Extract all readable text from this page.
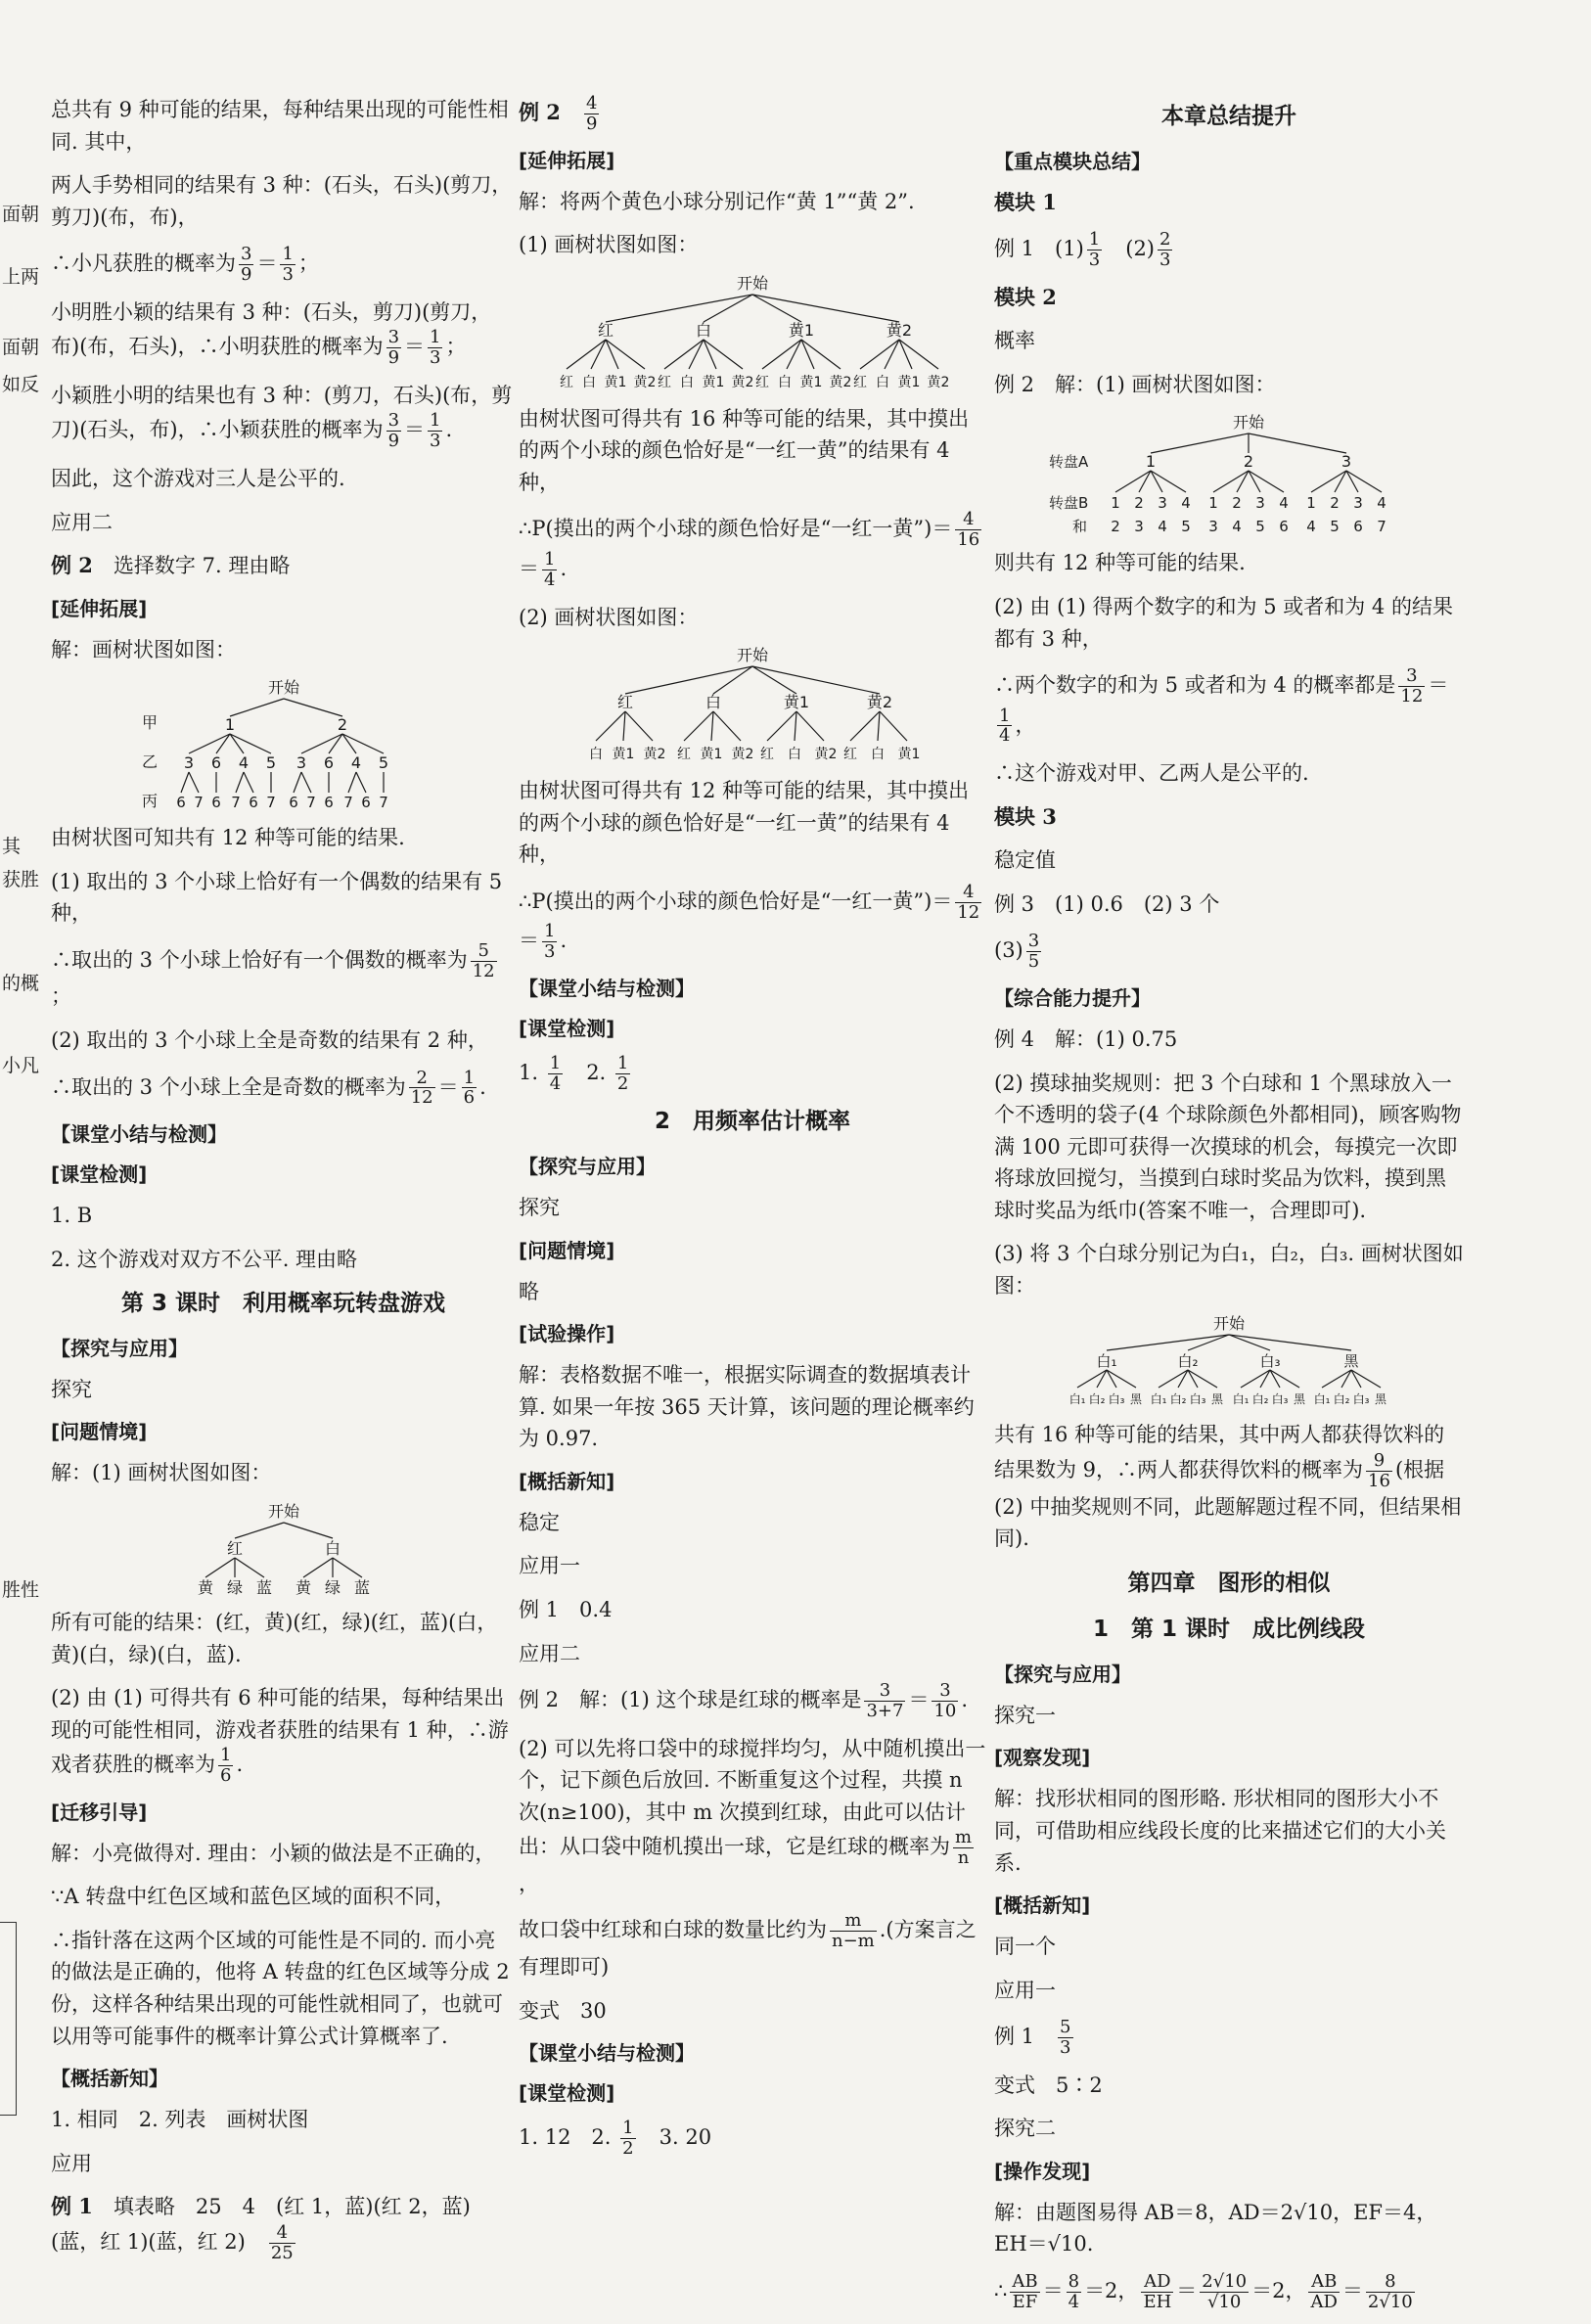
面朝
上两
面朝
如反
其
获胜
的概
小凡
胜性

总共有 9 种可能的结果，每种结果出现的可能性相同. 其中，

两人手势相同的结果有 3 种：(石头，石头)(剪刀，剪刀)(布，布)，

∴小凡获胜的概率为 $\frac{3}{9} = \frac{1}{3}$ ；

小明胜小颖的结果有 3 种：(石头，剪刀)(剪刀，布)(布，石头)，∴小明获胜的概率为 $\frac{3}{9} = \frac{1}{3}$ ；

小颖胜小明的结果也有 3 种：(剪刀，石头)(布，剪刀)(石头，布)，∴小颖获胜的概率为 $\frac{3}{9} = \frac{1}{3}$ .

因此，这个游戏对三人是公平的.

应用二

例 2　 选择数字 7. 理由略

[延伸拓展]

解：画树状图如图：

开始
甲
乙
丙
1	2
3 6 4 5 3 6 4 5
6 7 6 7 6 7 6 7 6 7 6 7

由树状图可知共有 12 种等可能的结果.

(1) 取出的 3 个小球上恰好有一个偶数的结果有 5 种，

∴取出的 3 个小球上恰好有一个偶数的概率为 $\frac{5}{12}$
；

(2) 取出的 3 个小球上全是奇数的结果有 2 种，

∴取出的 3 个小球上全是奇数的概率为 $\frac{2}{12} = \frac{1}{6}$ .

【课堂小结与检测】

[课堂检测]

1. B

2. 这个游戏对双方不公平. 理由略

第 3 课时　利用概率玩转盘游戏

【探究与应用】

探究

[问题情境]

解：(1) 画树状图如图：

开始
红	白
黄 绿 蓝 黄 绿 蓝

所有可能的结果：(红，黄)(红，绿)(红，蓝)(白，黄)(白，绿)(白，蓝).

(2) 由 (1) 可得共有 6 种可能的结果，每种结果出现的可能性相同，游戏者获胜的结果有 1 种，∴游戏者获胜的概率为 $\frac{1}{6}$ .

[迁移引导]

解：小亮做得对. 理由：小颖的做法是不正确的，

∵A 转盘中红色区域和蓝色区域的面积不同，

∴指针落在这两个区域的可能性是不同的. 而小亮的做法是正确的，他将 A 转盘的红色区域等分成 2 份，这样各种结果出现的可能性就相同了，也就可以用等可能事件的概率计算公式计算概率了.

【概括新知】

1. 相同　2. 列表　画树状图

应用

例 1　 填表略　25　4　(红 1，蓝)(红 2，蓝)(蓝，红 1)(蓝，红 2)　 $\frac{4}{25}$

例 2　 $\frac{4}{9}$

[延伸拓展]

解：将两个黄色小球分别记作“黄 1”“黄 2”.

(1) 画树状图如图：

开始
红	白	黄1	黄2
红 白 黄1 黄2 红 白 黄1 黄2 红 白 黄1 黄2 红 白 黄1 黄2

由树状图可得共有 16 种等可能的结果，其中摸出的两个小球的颜色恰好是“一红一黄”的结果有 4 种，

∴P(摸出的两个小球的颜色恰好是“一红一黄”)＝ $\frac{4}{16}$
＝ $\frac{1}{4}$ .

(2) 画树状图如图：

开始
红	白	黄1	黄2
白 黄1 黄2 红 黄1 黄2 红 白 黄2 红 白 黄1

由树状图可得共有 12 种等可能的结果，其中摸出的两个小球的颜色恰好是“一红一黄”的结果有 4 种，

∴P(摸出的两个小球的颜色恰好是“一红一黄”)＝ $\frac{4}{12}$
＝ $\frac{1}{3}$ .

【课堂小结与检测】

[课堂检测]

1. $\frac{1}{4}$
　 2. $\frac{1}{2}$

2　用频率估计概率

【探究与应用】

探究

[问题情境]

略

[试验操作]

解：表格数据不唯一，根据实际调查的数据填表计算. 如果一年按 365 天计算，该问题的理论概率约为 0.97.

[概括新知]

稳定

应用一

例 1　0.4

应用二

例 2　解：(1) 这个球是红球的概率是 $\frac{3}{3+7} = \frac{3}{10}$ .

(2) 可以先将口袋中的球搅拌均匀，从中随机摸出一个，记下颜色后放回. 不断重复这个过程，共摸 n 次(n≥100)，其中 m 次摸到红球，由此可以估计出：从口袋中随机摸出一球，它是红球的概率为 $\frac{m}{n}$
，

故口袋中红球和白球的数量比约为 $\frac{m}{n-m}$ .(方案言之有理即可)

变式　30

【课堂小结与检测】

[课堂检测]

1. 12　2. $\frac{1}{2}$
　 3. 20

本章总结提升

【重点模块总结】

模块 1

例 1　$(1) \frac{1}{3}$
　 $(2) \frac{2}{3}$

模块 2

概率

例 2　解：(1) 画树状图如图：

开始
转盘A
转盘B
和
1	2	3
1 2 3 4 1 2 3 4 1 2 3 4
2 3 4 5 3 4 5 6 4 5 6 7

则共有 12 种等可能的结果.

(2) 由 (1) 得两个数字的和为 5 或者和为 4 的结果都有 3 种，

∴两个数字的和为 5 或者和为 4 的概率都是 $\frac{3}{12}$ ＝
$\frac{1}{4}$ ，

∴这个游戏对甲、乙两人是公平的.

模块 3

稳定值

例 3　(1) 0.6　(2) 3 个

$(3) \frac{3}{5}$

【综合能力提升】

例 4　解：(1) 0.75

(2) 摸球抽奖规则：把 3 个白球和 1 个黑球放入一个不透明的袋子(4 个球除颜色外都相同)，顾客购物满 100 元即可获得一次摸球的机会，每摸完一次即将球放回搅匀，当摸到白球时奖品为饮料，摸到黑球时奖品为纸巾(答案不唯一，合理即可).

(3) 将 3 个白球分别记为白₁，白₂，白₃. 画树状图如图：

开始
白₁	白₂	白₃	黑
白₁ 白₂ 白₃ 黑 白₁ 白₂ 白₃ 黑 白₁ 白₂ 白₃ 黑 白₁ 白₂ 白₃ 黑

共有 16 种等可能的结果，其中两人都获得饮料的结果数为 9，∴两人都获得饮料的概率为 $\frac{9}{16}$ (根据 (2) 中抽奖规则不同，此题解题过程不同，但结果相同).

第四章　图形的相似

1　第 1 课时　成比例线段

【探究与应用】

探究一

[观察发现]

解：找形状相同的图形略. 形状相同的图形大小不同，可借助相应线段长度的比来描述它们的大小关系.

[概括新知]

同一个

应用一

例 1　 $\frac{5}{3}$

变式　5∶2

探究二

[操作发现]

解：由题图易得 AB＝8，AD＝2√10，EF＝4，EH＝√10.

∴ $\frac{AB}{EF} = \frac{8}{4} =2$， $\frac{AD}{EH} = \frac{2√10}{√10} =2$， $\frac{AB}{AD} = \frac{8}{2√10}$
